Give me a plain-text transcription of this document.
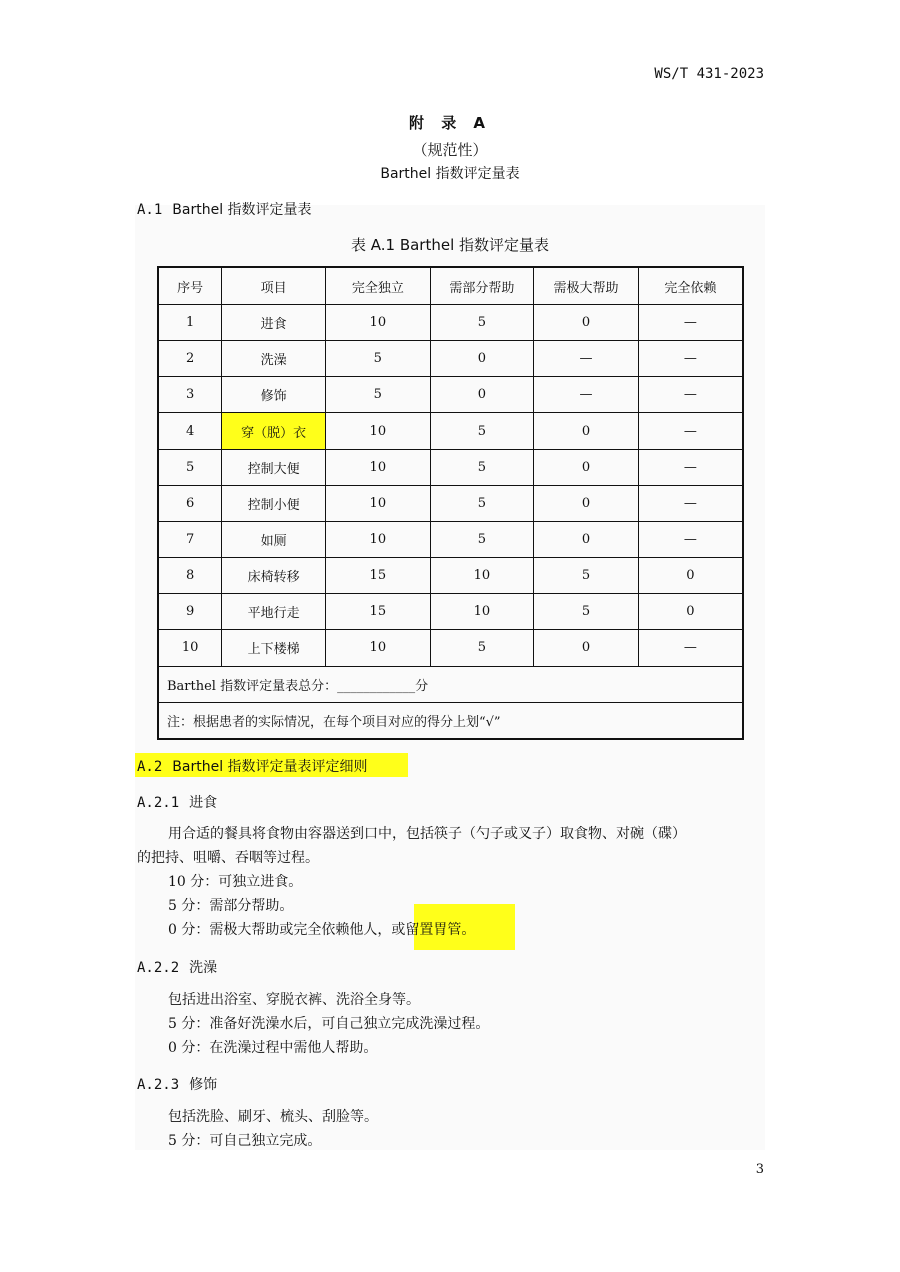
WS/T 431-2023
附 录 A
（规范性）
Barthel 指数评定量表
A.1 Barthel 指数评定量表
表 A.1 Barthel 指数评定量表
序号	项目	完全独立	需部分帮助	需极大帮助	完全依赖
1	进食	10	5	0	—
2	洗澡	5	0	—	—
3	修饰	5	0	—	—
4	穿（脱）衣	10	5	0	—
5	控制大便	10	5	0	—
6	控制小便	10	5	0	—
7	如厕	10	5	0	—
8	床椅转移	15	10	5	0
9	平地行走	15	10	5	0
10	上下楼梯	10	5	0	—
Barthel 指数评定量表总分：____________分					
注：根据患者的实际情况，在每个项目对应的得分上划“√”					
A.2 Barthel 指数评定量表评定细则
A.2.1 进食
用合适的餐具将食物由容器送到口中，包括筷子（勺子或叉子）取食物、对碗（碟）
的把持、咀嚼、吞咽等过程。
10 分：可独立进食。
5 分：需部分帮助。
0 分：需极大帮助或完全依赖他人，或留置胃管。
A.2.2 洗澡
包括进出浴室、穿脱衣裤、洗浴全身等。
5 分：准备好洗澡水后，可自己独立完成洗澡过程。
0 分：在洗澡过程中需他人帮助。
A.2.3 修饰
包括洗脸、刷牙、梳头、刮脸等。
5 分：可自己独立完成。
3
